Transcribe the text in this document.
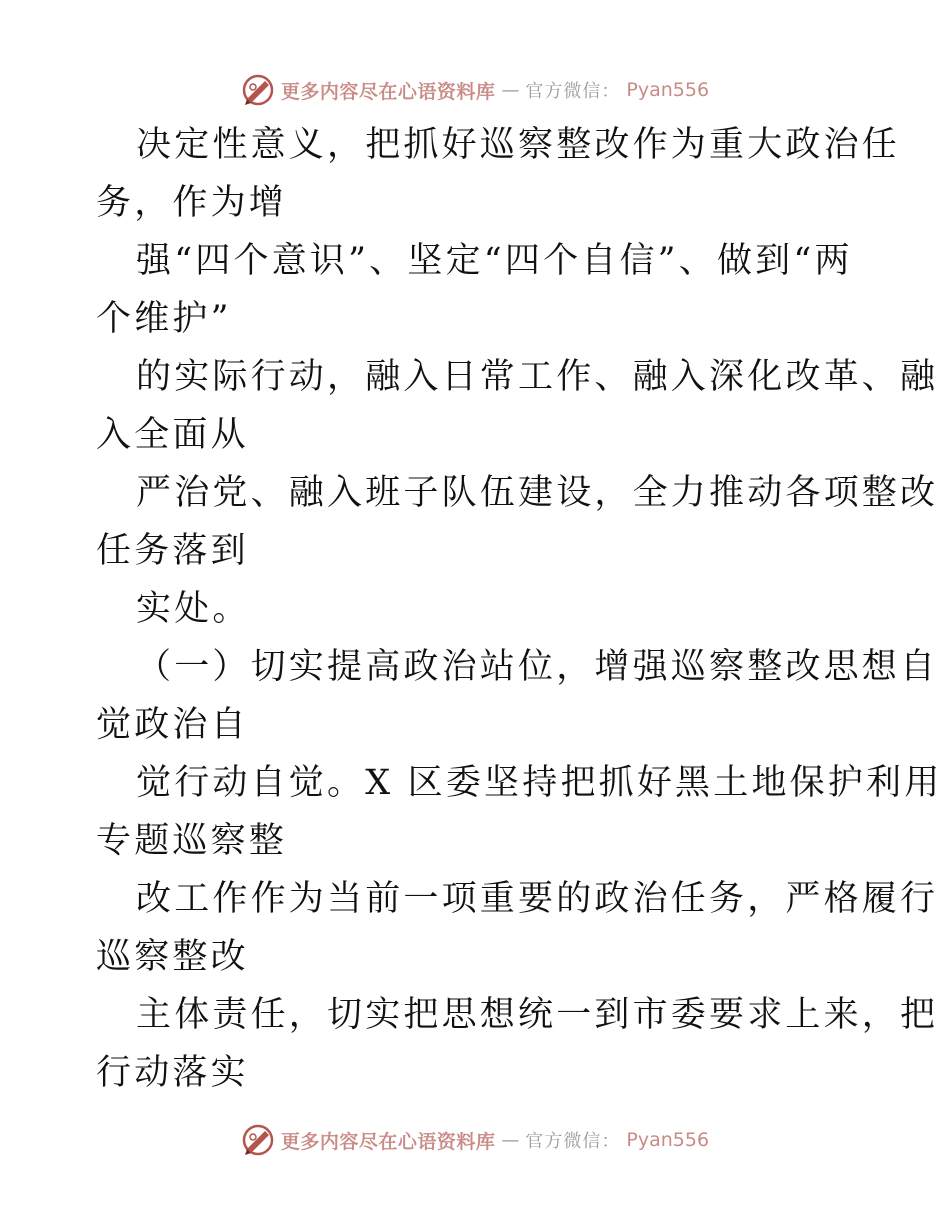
更多内容尽在心语资料库 — 官方微信： Pyan556
决定性意义，把抓好巡察整改作为重大政治任
务，作为增
强“四个意识”、坚定“四个自信”、做到“两
个维护”
的实际行动，融入日常工作、融入深化改革、融
入全面从
严治党、融入班子队伍建设，全力推动各项整改
任务落到
实处。
（一）切实提高政治站位，增强巡察整改思想自
觉政治自
觉行动自觉。X 区委坚持把抓好黑土地保护利用
专题巡察整
改工作作为当前一项重要的政治任务，严格履行
巡察整改
主体责任，切实把思想统一到市委要求上来，把
行动落实
更多内容尽在心语资料库 — 官方微信： Pyan556
